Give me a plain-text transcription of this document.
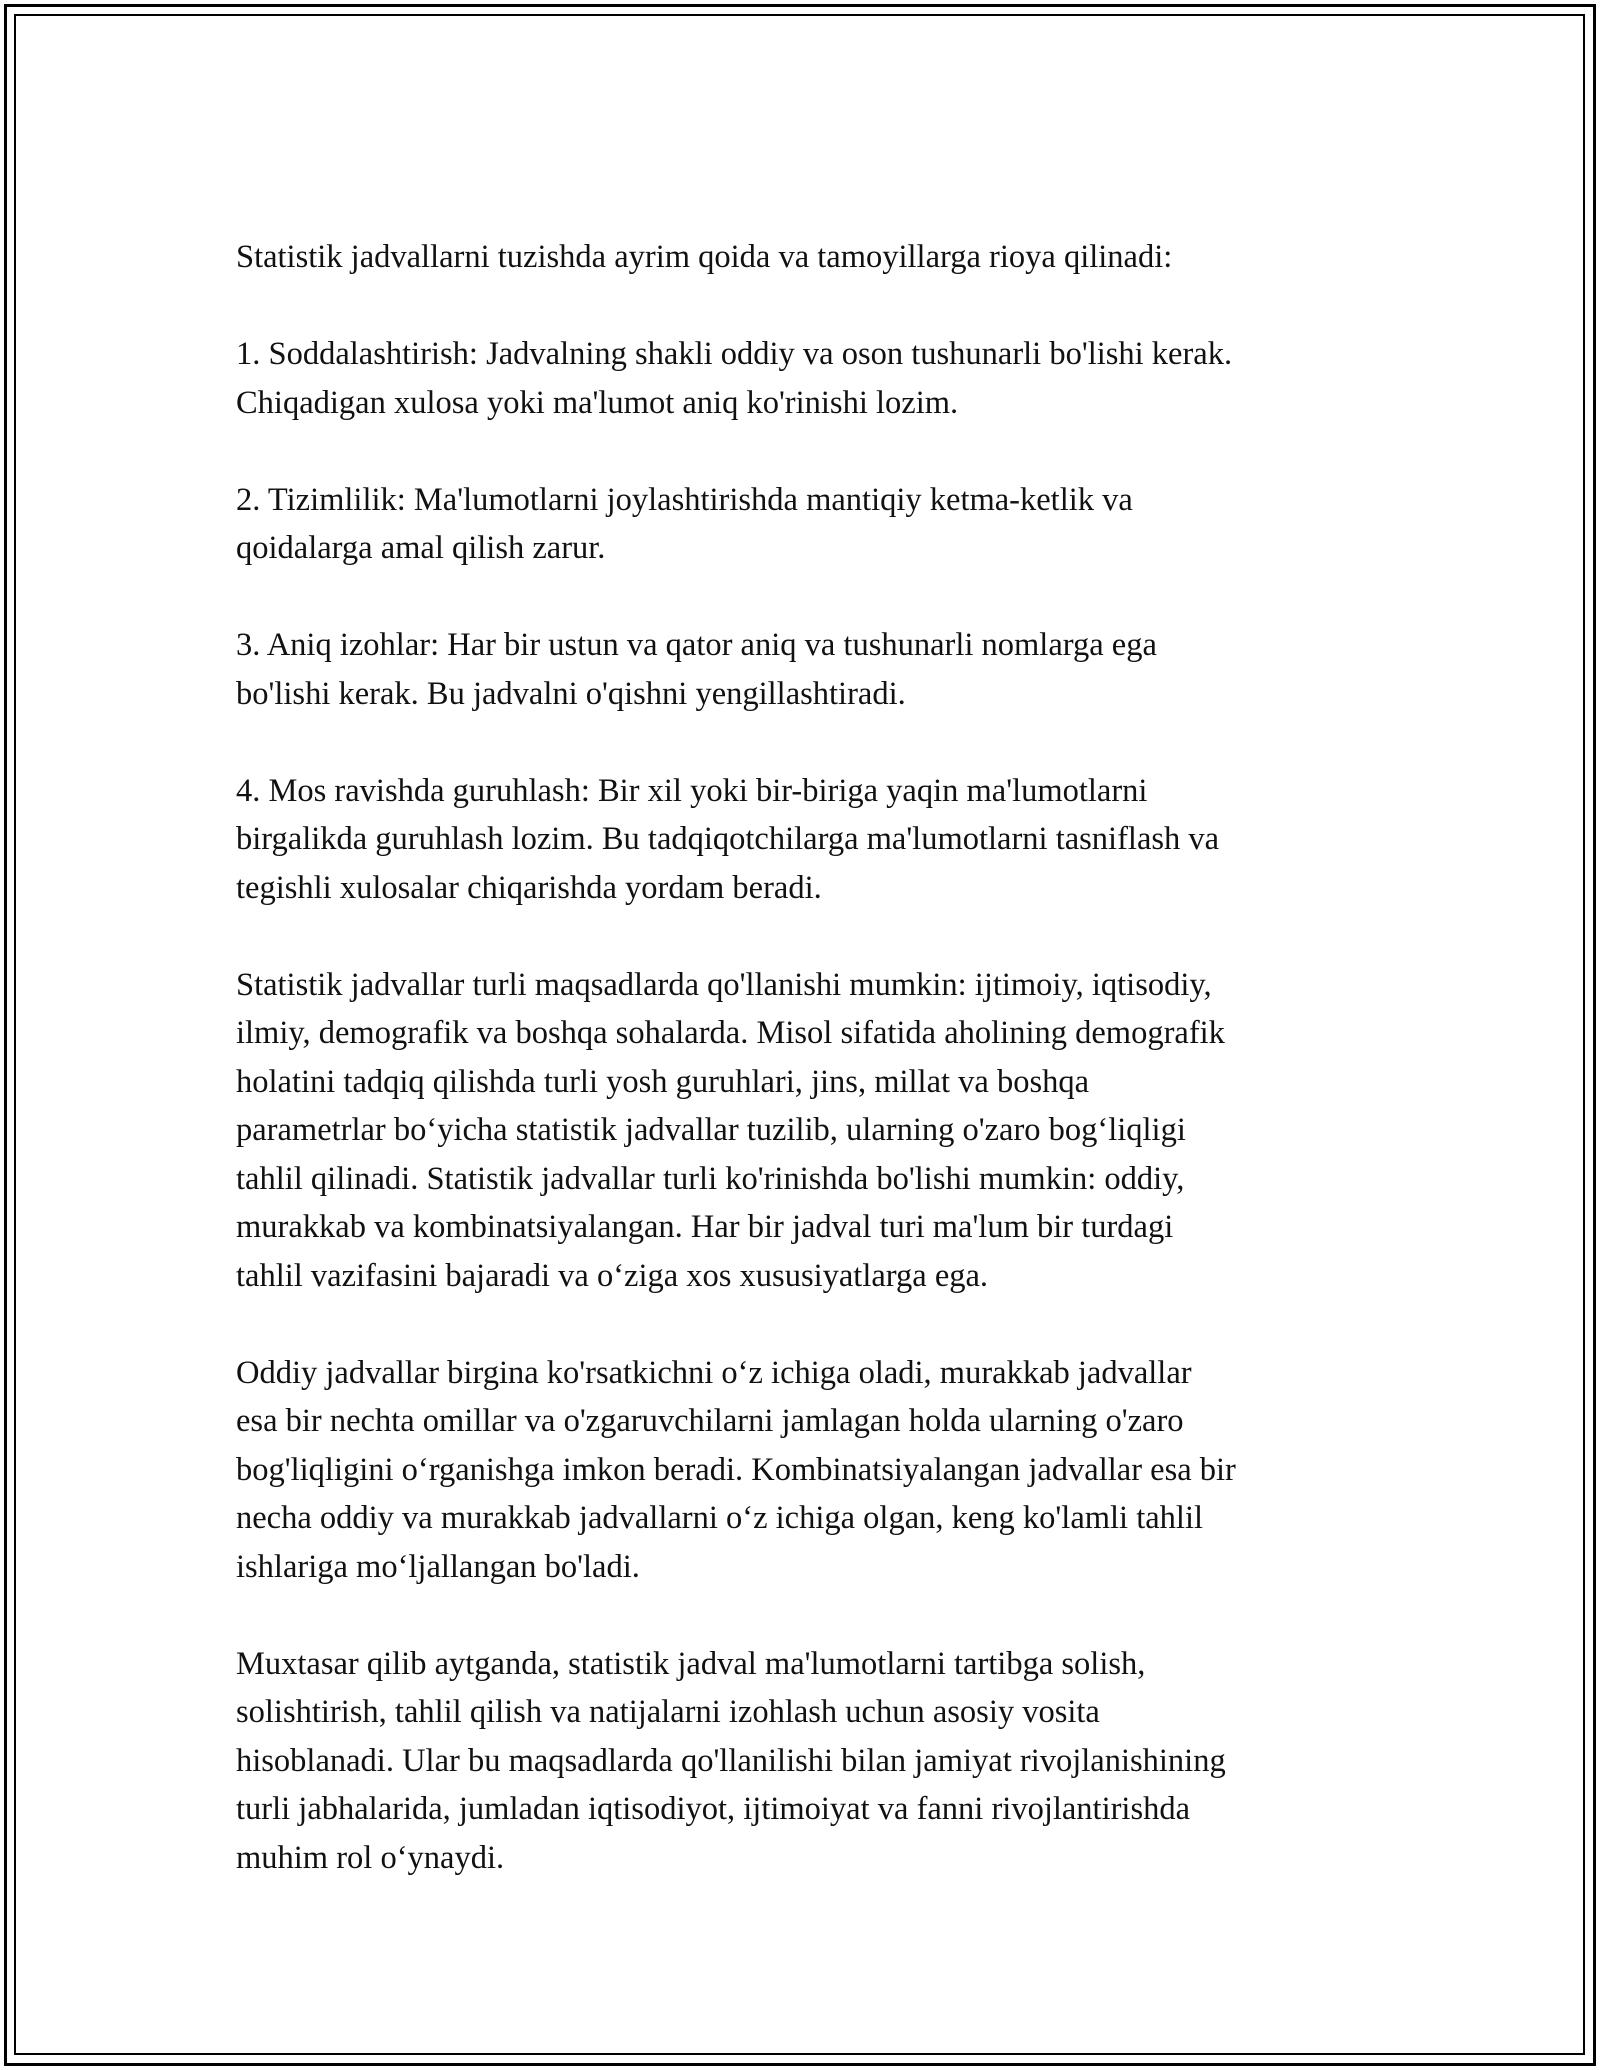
Statistik jadvallarni tuzishda ayrim qoida va tamoyillarga rioya qilinadi:

1. Soddalashtirish: Jadvalning shakli oddiy va oson tushunarli bo'lishi kerak.
Chiqadigan xulosa yoki ma'lumot aniq ko'rinishi lozim.

2. Tizimlilik: Ma'lumotlarni joylashtirishda mantiqiy ketma-ketlik va
qoidalarga amal qilish zarur.

3. Aniq izohlar: Har bir ustun va qator aniq va tushunarli nomlarga ega
bo'lishi kerak. Bu jadvalni o'qishni yengillashtiradi.

4. Mos ravishda guruhlash: Bir xil yoki bir-biriga yaqin ma'lumotlarni
birgalikda guruhlash lozim. Bu tadqiqotchilarga ma'lumotlarni tasniflash va
tegishli xulosalar chiqarishda yordam beradi.

Statistik jadvallar turli maqsadlarda qo'llanishi mumkin: ijtimoiy, iqtisodiy,
ilmiy, demografik va boshqa sohalarda. Misol sifatida aholining demografik
holatini tadqiq qilishda turli yosh guruhlari, jins, millat va boshqa
parametrlar bo‘yicha statistik jadvallar tuzilib, ularning o'zaro bog‘liqligi
tahlil qilinadi. Statistik jadvallar turli ko'rinishda bo'lishi mumkin: oddiy,
murakkab va kombinatsiyalangan. Har bir jadval turi ma'lum bir turdagi
tahlil vazifasini bajaradi va o‘ziga xos xususiyatlarga ega.

Oddiy jadvallar birgina ko'rsatkichni o‘z ichiga oladi, murakkab jadvallar
esa bir nechta omillar va o'zgaruvchilarni jamlagan holda ularning o'zaro
bog'liqligini o‘rganishga imkon beradi. Kombinatsiyalangan jadvallar esa bir
necha oddiy va murakkab jadvallarni o‘z ichiga olgan, keng ko'lamli tahlil
ishlariga mo‘ljallangan bo'ladi.

Muxtasar qilib aytganda, statistik jadval ma'lumotlarni tartibga solish,
solishtirish, tahlil qilish va natijalarni izohlash uchun asosiy vosita
hisoblanadi. Ular bu maqsadlarda qo'llanilishi bilan jamiyat rivojlanishining
turli jabhalarida, jumladan iqtisodiyot, ijtimoiyat va fanni rivojlantirishda
muhim rol o‘ynaydi.
